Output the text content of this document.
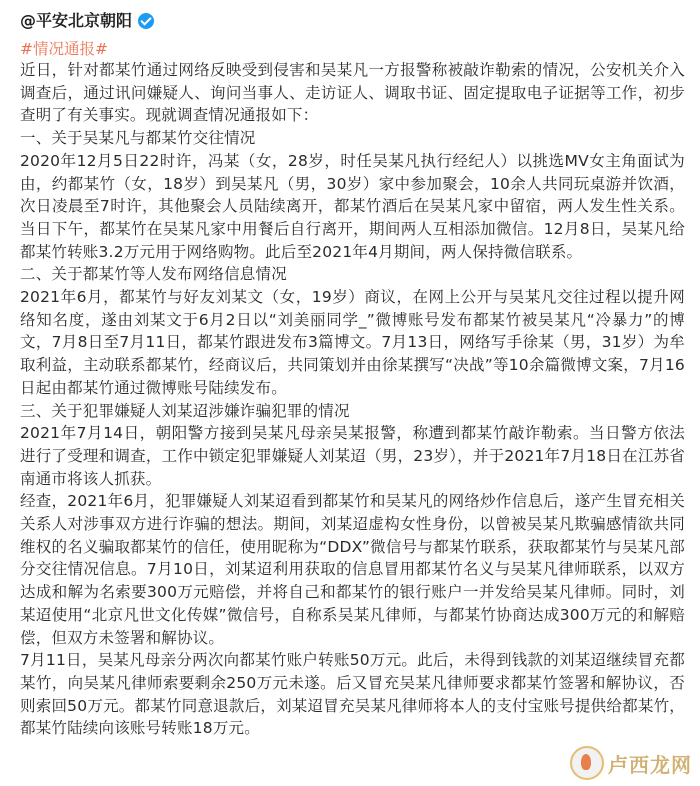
@平安北京朝阳
#情况通报#

近日，针对都某竹通过网络反映受到侵害和吴某凡一方报警称被敲诈勒索的情况，公安机关介入调查后，通过讯问嫌疑人、询问当事人、走访证人、调取书证、固定提取电子证据等工作，初步查明了有关事实。现就调查情况通报如下：

一、关于吴某凡与都某竹交往情况

2020年12月5日22时许，冯某（女，28岁，时任吴某凡执行经纪人）以挑选MV女主角面试为由，约都某竹（女，18岁）到吴某凡（男，30岁）家中参加聚会，10余人共同玩桌游并饮酒，次日凌晨至7时许，其他聚会人员陆续离开，都某竹酒后在吴某凡家中留宿，两人发生性关系。当日下午，都某竹在吴某凡家中用餐后自行离开，期间两人互相添加微信。12月8日，吴某凡给都某竹转账3.2万元用于网络购物。此后至2021年4月期间，两人保持微信联系。

二、关于都某竹等人发布网络信息情况

2021年6月，都某竹与好友刘某文（女，19岁）商议，在网上公开与吴某凡交往过程以提升网络知名度，遂由刘某文于6月2日以“刘美丽同学_”微博账号发布都某竹被吴某凡“冷暴力”的博文，7月8日至7月11日，都某竹跟进发布3篇博文。7月13日，网络写手徐某（男，31岁）为牟取利益，主动联系都某竹，经商议后，共同策划并由徐某撰写“决战”等10余篇微博文案，7月16日起由都某竹通过微博账号陆续发布。

三、关于犯罪嫌疑人刘某迢涉嫌诈骗犯罪的情况

2021年7月14日，朝阳警方接到吴某凡母亲吴某报警，称遭到都某竹敲诈勒索。当日警方依法进行了受理和调查，工作中锁定犯罪嫌疑人刘某迢（男，23岁），并于2021年7月18日在江苏省南通市将该人抓获。

经查，2021年6月，犯罪嫌疑人刘某迢看到都某竹和吴某凡的网络炒作信息后，遂产生冒充相关关系人对涉事双方进行诈骗的想法。期间，刘某迢虚构女性身份，以曾被吴某凡欺骗感情欲共同维权的名义骗取都某竹的信任，使用昵称为“DDX”微信号与都某竹联系，获取都某竹与吴某凡部分交往情况信息。7月10日，刘某迢利用获取的信息冒用都某竹名义与吴某凡律师联系，以双方达成和解为名索要300万元赔偿，并将自己和都某竹的银行账户一并发给吴某凡律师。同时，刘某迢使用“北京凡世文化传媒”微信号，自称系吴某凡律师，与都某竹协商达成300万元的和解赔偿，但双方未签署和解协议。

7月11日，吴某凡母亲分两次向都某竹账户转账50万元。此后，未得到钱款的刘某迢继续冒充都某竹，向吴某凡律师索要剩余250万元未遂。后又冒充吴某凡律师要求都某竹签署和解协议，否则索回50万元。都某竹同意退款后，刘某迢冒充吴某凡律师将本人的支付宝账号提供给都某竹，都某竹陆续向该账号转账18万元。

卢西龙网
